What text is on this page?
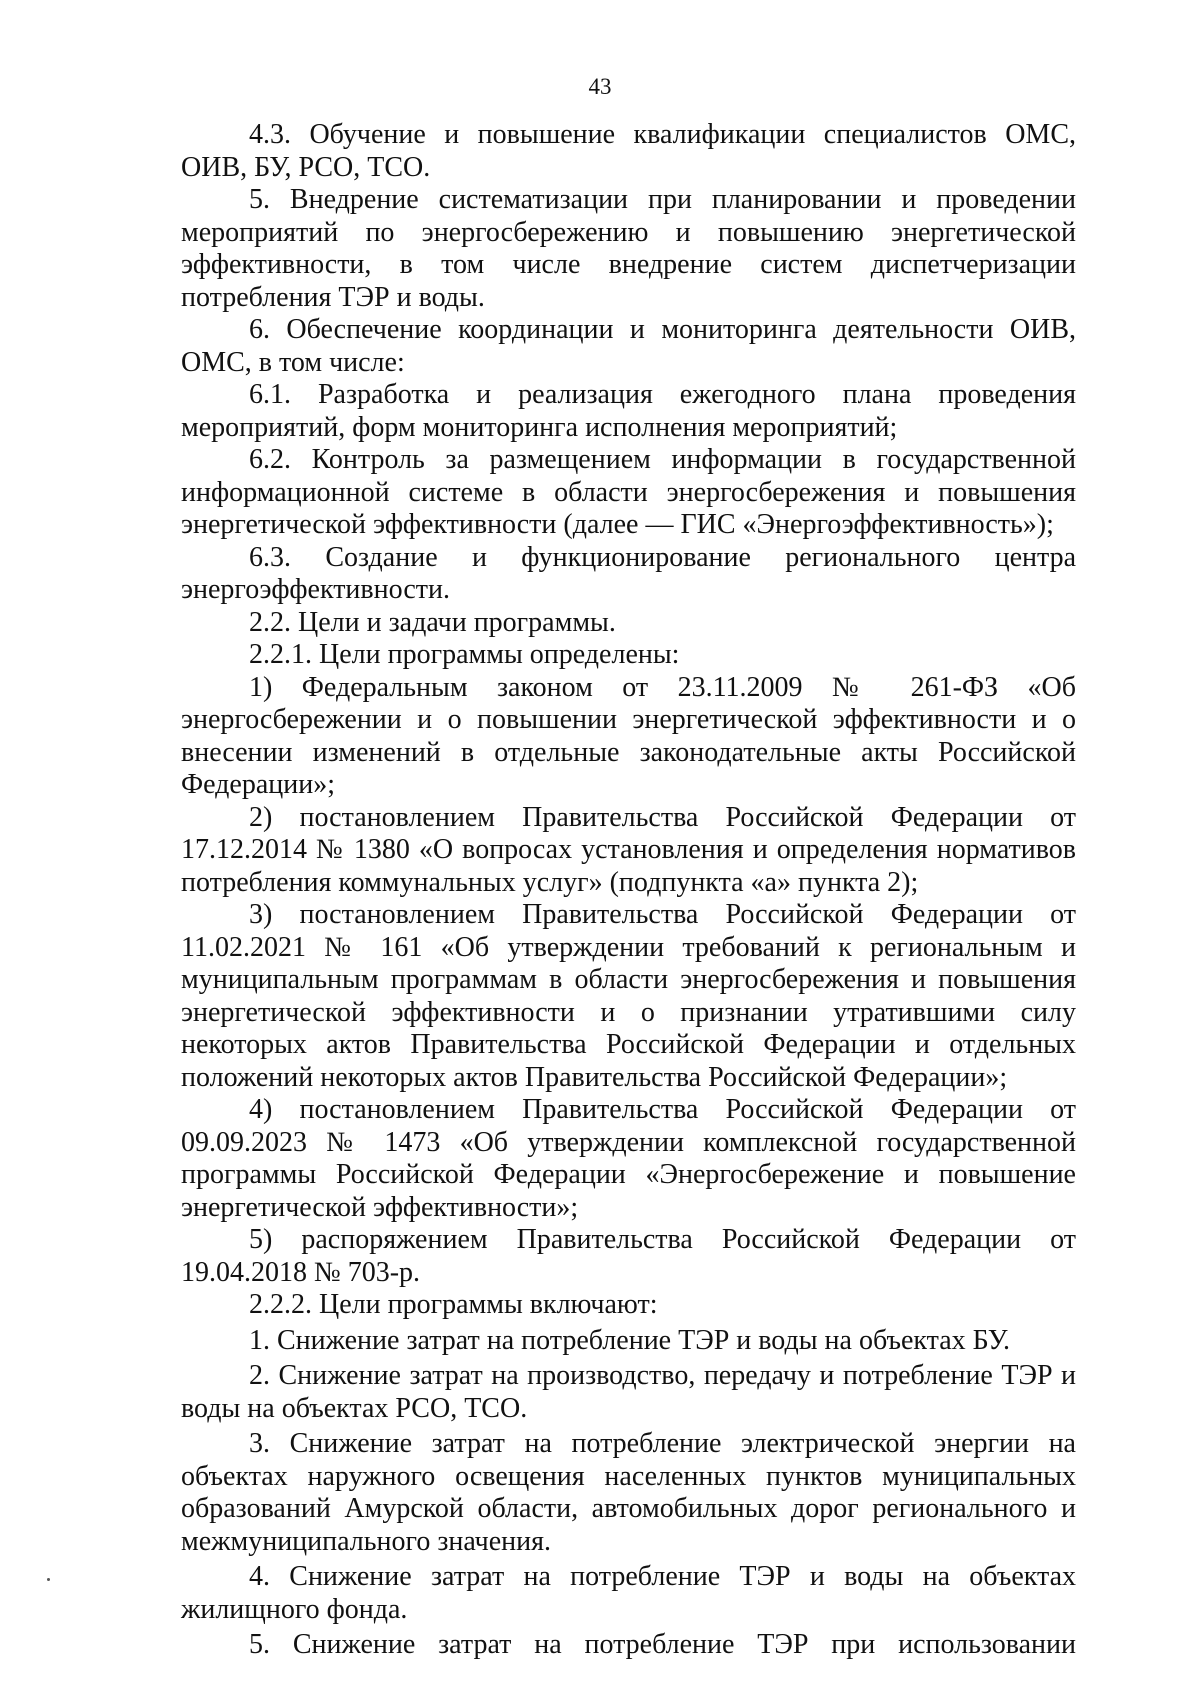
43

4.3. Обучение и повышение квалификации специалистов ОМС, ОИВ, БУ, РСО, ТСО.

5. Внедрение систематизации при планировании и проведении мероприятий по энергосбережению и повышению энергетической эффективности, в том числе внедрение систем диспетчеризации потребления ТЭР и воды.

6. Обеспечение координации и мониторинга деятельности ОИВ, ОМС, в том числе:

6.1. Разработка и реализация ежегодного плана проведения мероприятий, форм мониторинга исполнения мероприятий;

6.2. Контроль за размещением информации в государственной информационной системе в области энергосбережения и повышения энергетической эффективности (далее — ГИС «Энергоэффективность»);

6.3. Создание и функционирование регионального центра энергоэффективности.

2.2. Цели и задачи программы.

2.2.1. Цели программы определены:

1) Федеральным законом от 23.11.2009 № 261-ФЗ «Об энергосбережении и о повышении энергетической эффективности и о внесении изменений в отдельные законодательные акты Российской Федерации»;

2) постановлением Правительства Российской Федерации от 17.12.2014 № 1380 «О вопросах установления и определения нормативов потребления коммунальных услуг» (подпункта «а» пункта 2);

3) постановлением Правительства Российской Федерации от 11.02.2021 № 161 «Об утверждении требований к региональным и муниципальным программам в области энергосбережения и повышения энергетической эффективности и о признании утратившими силу некоторых актов Правительства Российской Федерации и отдельных положений некоторых актов Правительства Российской Федерации»;

4) постановлением Правительства Российской Федерации от 09.09.2023 № 1473 «Об утверждении комплексной государственной программы Российской Федерации «Энергосбережение и повышение энергетической эффективности»;

5) распоряжением Правительства Российской Федерации от 19.04.2018 № 703-р.

2.2.2. Цели программы включают:

1. Снижение затрат на потребление ТЭР и воды на объектах БУ.

2. Снижение затрат на производство, передачу и потребление ТЭР и воды на объектах РСО, ТСО.

3. Снижение затрат на потребление электрической энергии на объектах наружного освещения населенных пунктов муниципальных образований Амурской области, автомобильных дорог регионального и межмуниципального значения.

4. Снижение затрат на потребление ТЭР и воды на объектах жилищного фонда.

5. Снижение затрат на потребление ТЭР при использовании
